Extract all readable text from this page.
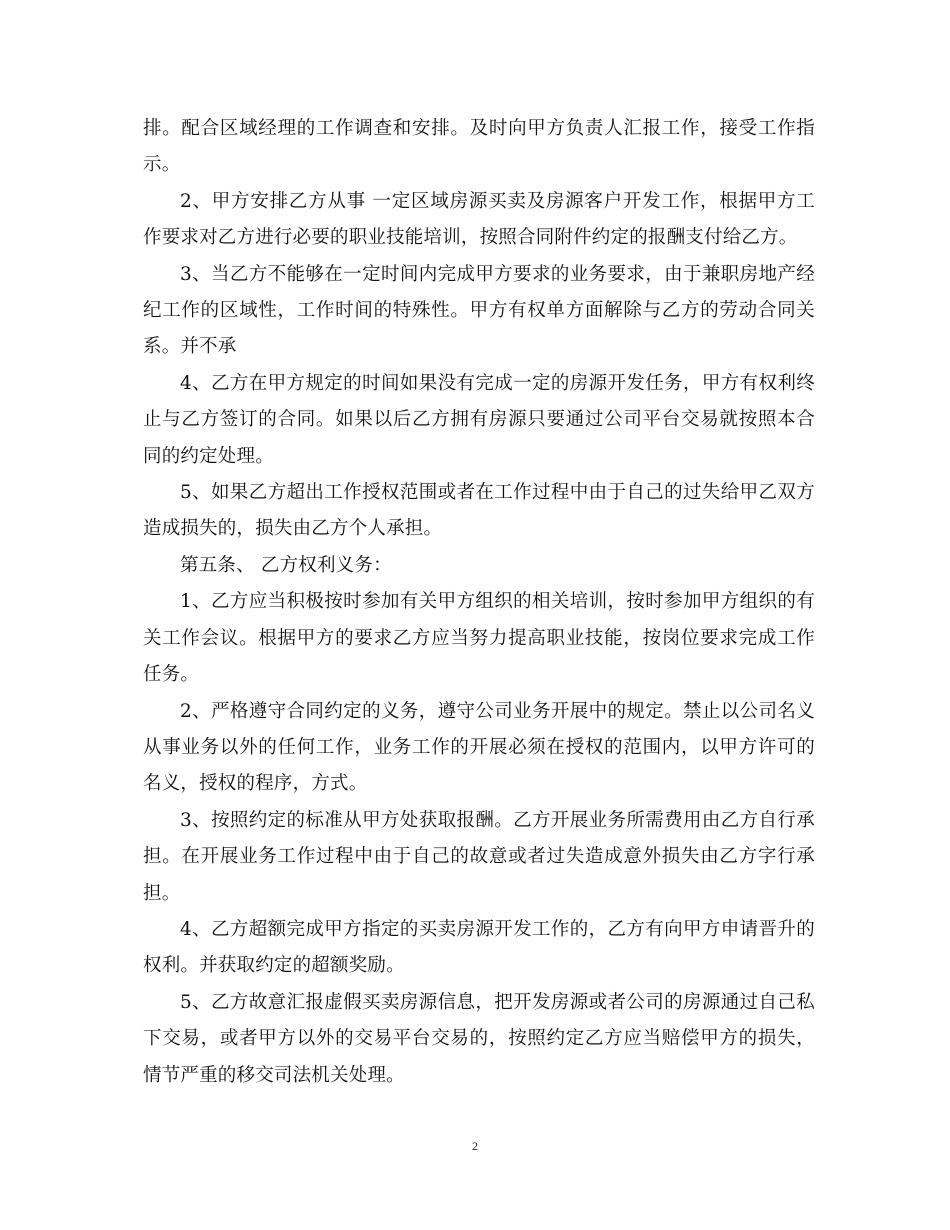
排。配合区域经理的工作调查和安排。及时向甲方负责人汇报工作，接受工作指示。

2、甲方安排乙方从事 一定区域房源买卖及房源客户开发工作，根据甲方工作要求对乙方进行必要的职业技能培训，按照合同附件约定的报酬支付给乙方。

3、当乙方不能够在一定时间内完成甲方要求的业务要求，由于兼职房地产经纪工作的区域性，工作时间的特殊性。甲方有权单方面解除与乙方的劳动合同关系。并不承

4、乙方在甲方规定的时间如果没有完成一定的房源开发任务，甲方有权利终止与乙方签订的合同。如果以后乙方拥有房源只要通过公司平台交易就按照本合同的约定处理。

5、如果乙方超出工作授权范围或者在工作过程中由于自己的过失给甲乙双方造成损失的，损失由乙方个人承担。

第五条、 乙方权利义务：

1、乙方应当积极按时参加有关甲方组织的相关培训，按时参加甲方组织的有关工作会议。根据甲方的要求乙方应当努力提高职业技能，按岗位要求完成工作任务。

2、严格遵守合同约定的义务，遵守公司业务开展中的规定。禁止以公司名义从事业务以外的任何工作，业务工作的开展必须在授权的范围内，以甲方许可的名义，授权的程序，方式。

3、按照约定的标准从甲方处获取报酬。乙方开展业务所需费用由乙方自行承担。在开展业务工作过程中由于自己的故意或者过失造成意外损失由乙方字行承担。

4、乙方超额完成甲方指定的买卖房源开发工作的，乙方有向甲方申请晋升的权利。并获取约定的超额奖励。

5、乙方故意汇报虚假买卖房源信息，把开发房源或者公司的房源通过自己私下交易，或者甲方以外的交易平台交易的，按照约定乙方应当赔偿甲方的损失，情节严重的移交司法机关处理。

2
